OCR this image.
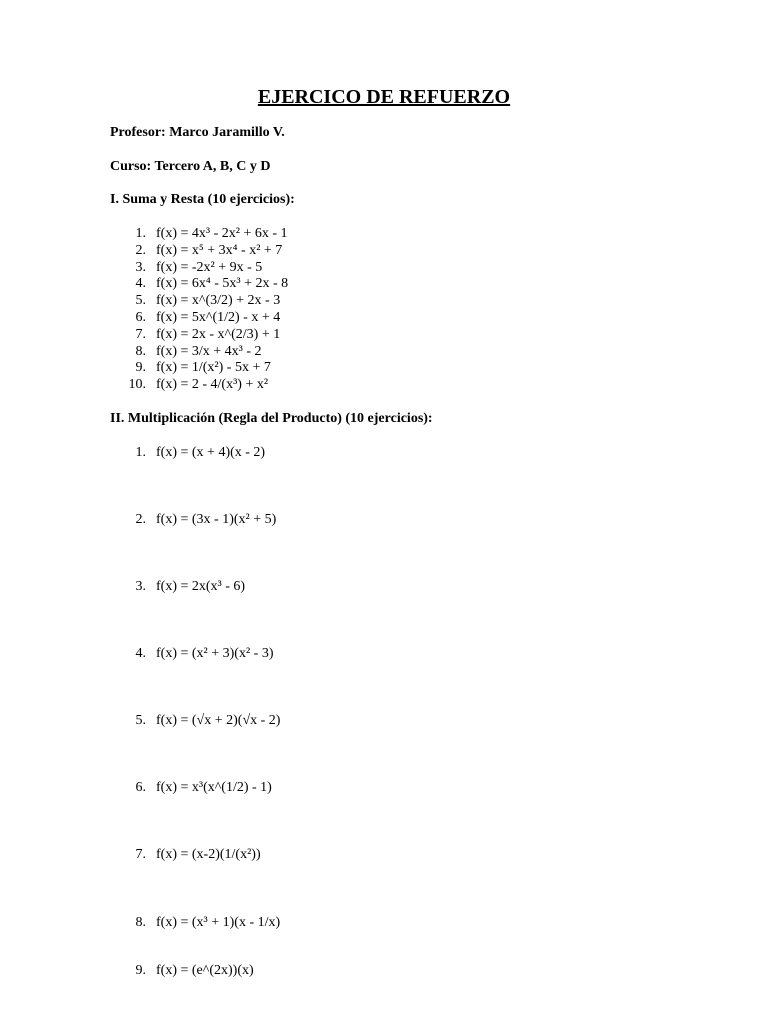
EJERCICO DE REFUERZO
Profesor: Marco Jaramillo V.
Curso: Tercero A, B, C y D
I. Suma y Resta (10 ejercicios):
1. f(x) = 4x³ - 2x² + 6x - 1
2. f(x) = x⁵ + 3x⁴ - x² + 7
3. f(x) = -2x² + 9x - 5
4. f(x) = 6x⁴ - 5x³ + 2x - 8
5. f(x) = x^(3/2) + 2x - 3
6. f(x) = 5x^(1/2) - x + 4
7. f(x) = 2x - x^(2/3) + 1
8. f(x) = 3/x + 4x³ - 2
9. f(x) = 1/(x²) - 5x + 7
10. f(x) = 2 - 4/(x³) + x²
II. Multiplicación (Regla del Producto) (10 ejercicios):
1. f(x) = (x + 4)(x - 2)
2. f(x) = (3x - 1)(x² + 5)
3. f(x) = 2x(x³ - 6)
4. f(x) = (x² + 3)(x² - 3)
5. f(x) = (√x + 2)(√x - 2)
6. f(x) = x³(x^(1/2) - 1)
7. f(x) = (x-2)(1/(x²))
8. f(x) = (x³ + 1)(x - 1/x)
9. f(x) = (e^(2x))(x)
